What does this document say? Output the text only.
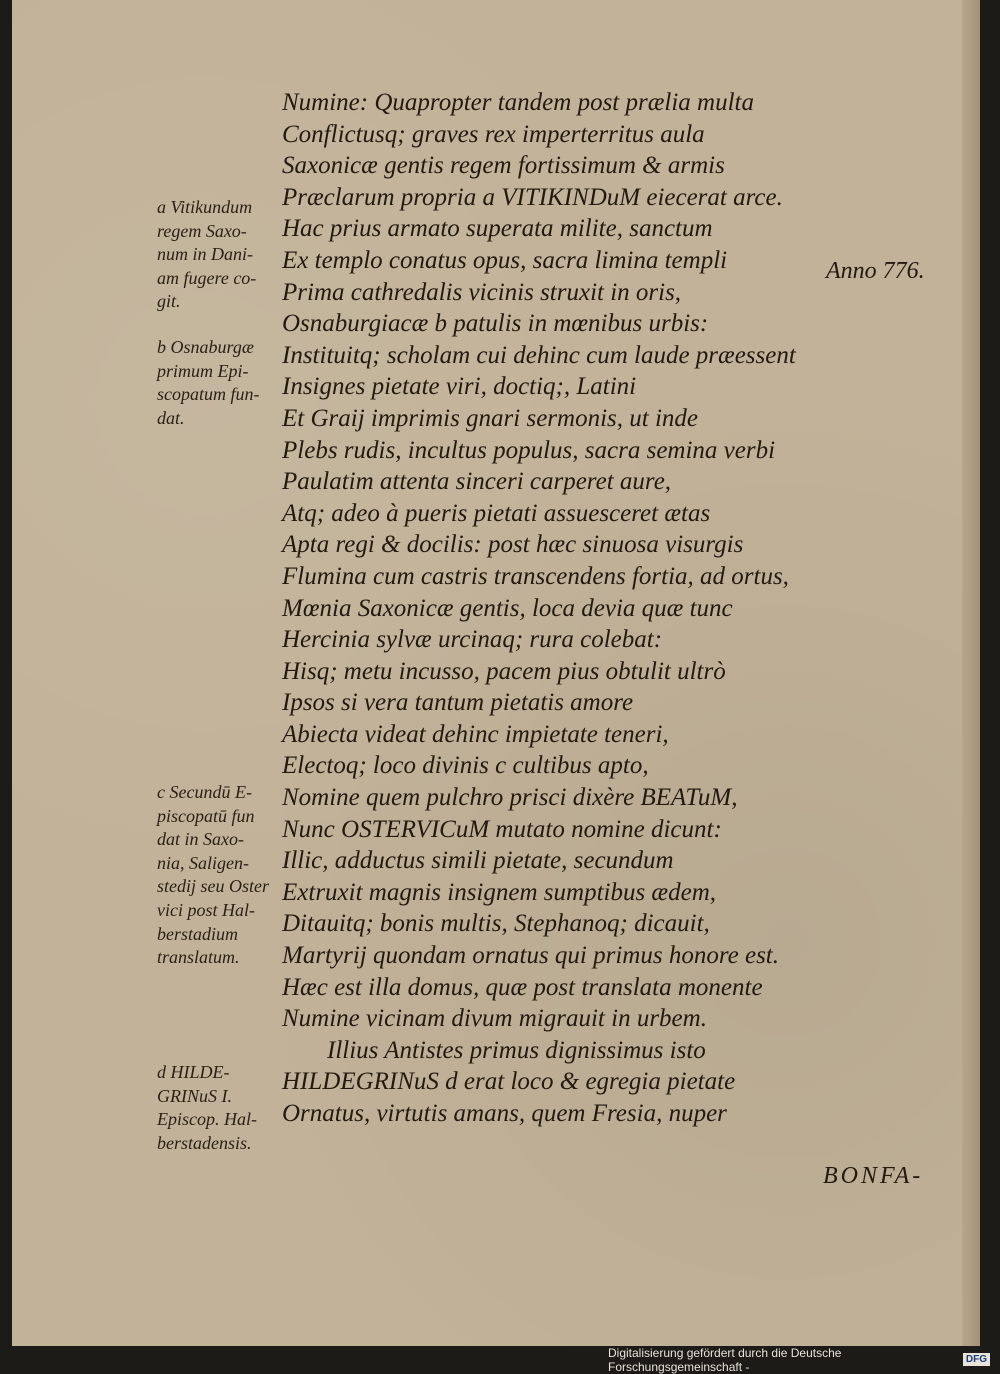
Numine: Quapropter tandem post prælia multa
Conflictusq; graves rex imperterritus aula
Saxonicæ gentis regem fortissimum & armis
Præclarum propria a VITIKINDuM eiecerat arce.
Hac prius armato superata milite, sanctum
Ex templo conatus opus, sacra limina templi
Prima cathredalis vicinis struxit in oris,
Osnaburgiacæ b patulis in mœnibus urbis:
Instituitq; scholam cui dehinc cum laude præessent
Insignes pietate viri, doctiq;, Latini
Et Graij imprimis gnari sermonis, ut inde
Plebs rudis, incultus populus, sacra semina verbi
Paulatim attenta sinceri carperet aure,
Atq; adeo à pueris pietati assuesceret ætas
Apta regi & docilis: post hæc sinuosa visurgis
Flumina cum castris transcendens fortia, ad ortus,
Mœnia Saxonicæ gentis, loca devia quæ tunc
Hercinia sylvæ urcinaq; rura colebat:
Hisq; metu incusso, pacem pius obtulit ultrò
Ipsos si vera tantum pietatis amore
Abiecta videat dehinc impietate teneri,
Electoq; loco divinis c cultibus apto,
Nomine quem pulchro prisci dixère BEATuM,
Nunc OSTERVICuM mutato nomine dicunt:
Illic, adductus simili pietate, secundum
Extruxit magnis insignem sumptibus ædem,
Ditauitq; bonis multis, Stephanoq; dicauit,
Martyrij quondam ornatus qui primus honore est.
Hæc est illa domus, quæ post translata monente
Numine vicinam divum migrauit in urbem.
Illius Antistes primus dignissimus isto
HILDEGRINuS d erat loco & egregia pietate
Ornatus, virtutis amans, quem Fresia, nuper
a Vitikundum
regem Saxo-
num in Dani-
am fugere co-
git.
b Osnaburgæ
primum Epi-
scopatum fun-
dat.
c Secundū E-
piscopatū fun
dat in Saxo-
nia, Saligen-
stedij seu Oster
vici post Hal-
berstadium
translatum.
d HILDE-
GRINuS I.
Episcop. Hal-
berstadensis.
Anno 776.
BONFA-
Digitalisierung gefördert durch die Deutsche Forschungsgemeinschaft -	DFG
